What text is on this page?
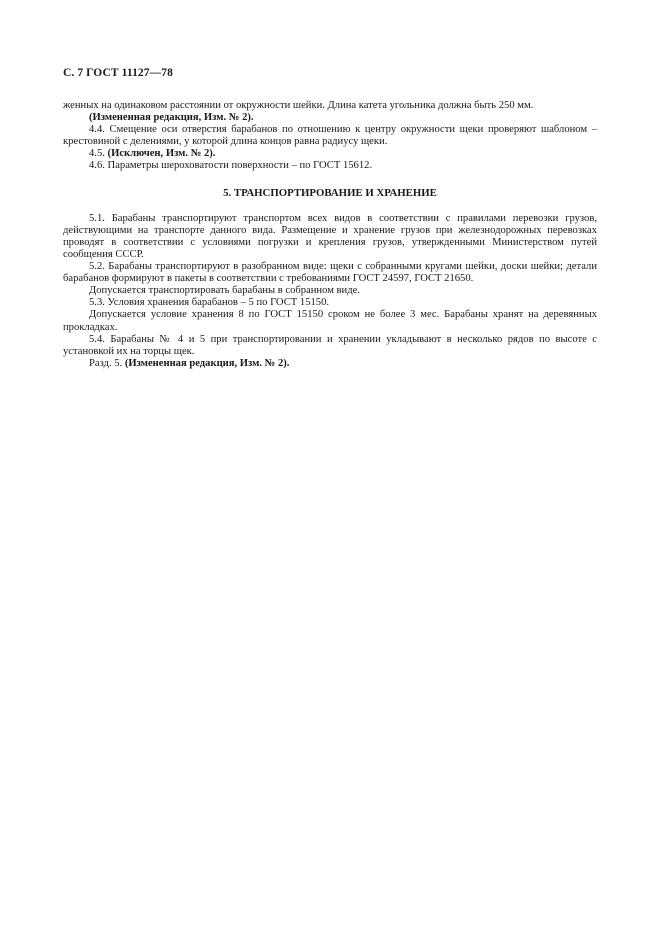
С. 7 ГОСТ 11127—78

женных на одинаковом расстоянии от окружности шейки. Длина катета угольника должна быть 250 мм.

(Измененная редакция, Изм. № 2).

4.4. Смещение оси отверстия барабанов по отношению к центру окружности щеки проверяют шаблоном – крестовиной с делениями, у которой длина концов равна радиусу щеки.

4.5. (Исключен, Изм. № 2).

4.6. Параметры шероховатости поверхности – по ГОСТ 15612.

5. ТРАНСПОРТИРОВАНИЕ И ХРАНЕНИЕ

5.1. Барабаны транспортируют транспортом всех видов в соответствии с правилами перевозки грузов, действующими на транспорте данного вида. Размещение и хранение грузов при железнодорожных перевозках проводят в соответствии с условиями погрузки и крепления грузов, утвержденными Министерством путей сообщения СССР.

5.2. Барабаны транспортируют в разобранном виде: щеки с собранными кругами шейки, доски шейки; детали барабанов формируют в пакеты в соответствии с требованиями ГОСТ 24597, ГОСТ 21650.

Допускается транспортировать барабаны в собранном виде.

5.3. Условия хранения барабанов – 5 по ГОСТ 15150.

Допускается условие хранения 8 по ГОСТ 15150 сроком не более 3 мес. Барабаны хранят на деревянных прокладках.

5.4. Барабаны № 4 и 5 при транспортировании и хранении укладывают в несколько рядов по высоте с установкой их на торцы щек.

Разд. 5. (Измененная редакция, Изм. № 2).
